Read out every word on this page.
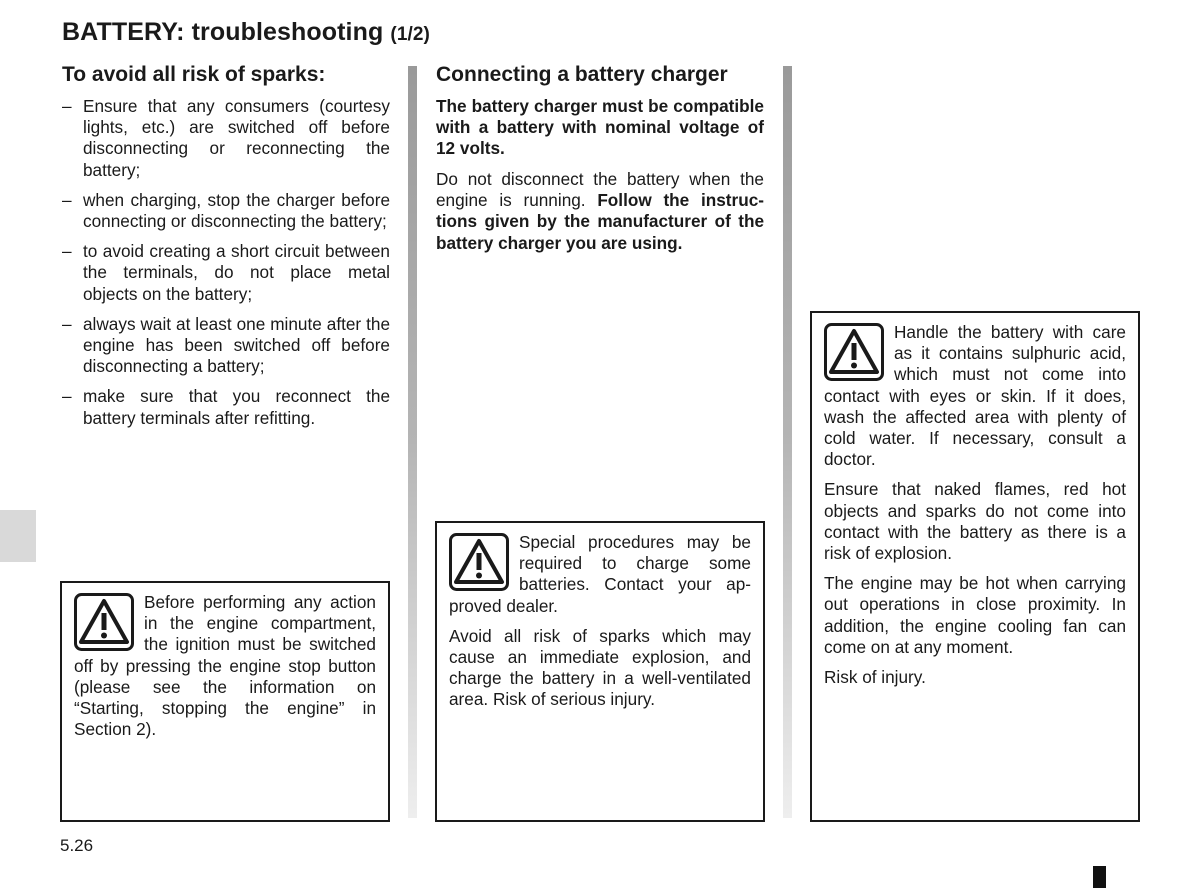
BATTERY: troubleshooting (1/2)
To avoid all risk of sparks:
– Ensure that any consumers (courtesy lights, etc.) are switched off before disconnecting or reconnecting the battery;
– when charging, stop the charger before connecting or disconnecting the battery;
– to avoid creating a short circuit between the terminals, do not place metal objects on the battery;
– always wait at least one minute after the engine has been switched off before disconnecting a battery;
– make sure that you reconnect the battery terminals after refitting.

Before performing any action in the engine compartment, the ignition must be switched off by pressing the engine stop button (please see the information on “Starting, stopping the engine” in Section 2).

Connecting a battery charger
The battery charger must be compatible with a battery with nominal voltage of 12 volts.
Do not disconnect the battery when the engine is running. Follow the instructions given by the manufacturer of the battery charger you are using.

Special procedures may be required to charge some batteries. Contact your approved dealer.

Avoid all risk of sparks which may cause an immediate explosion, and charge the battery in a well-ventilated area. Risk of serious injury.

Handle the battery with care as it contains sulphuric acid, which must not come into contact with eyes or skin. If it does, wash the affected area with plenty of cold water. If necessary, consult a doctor.

Ensure that naked flames, red hot objects and sparks do not come into contact with the battery as there is a risk of explosion.

The engine may be hot when carrying out operations in close proximity. In addition, the engine cooling fan can come on at any moment.

Risk of injury.

5.26
